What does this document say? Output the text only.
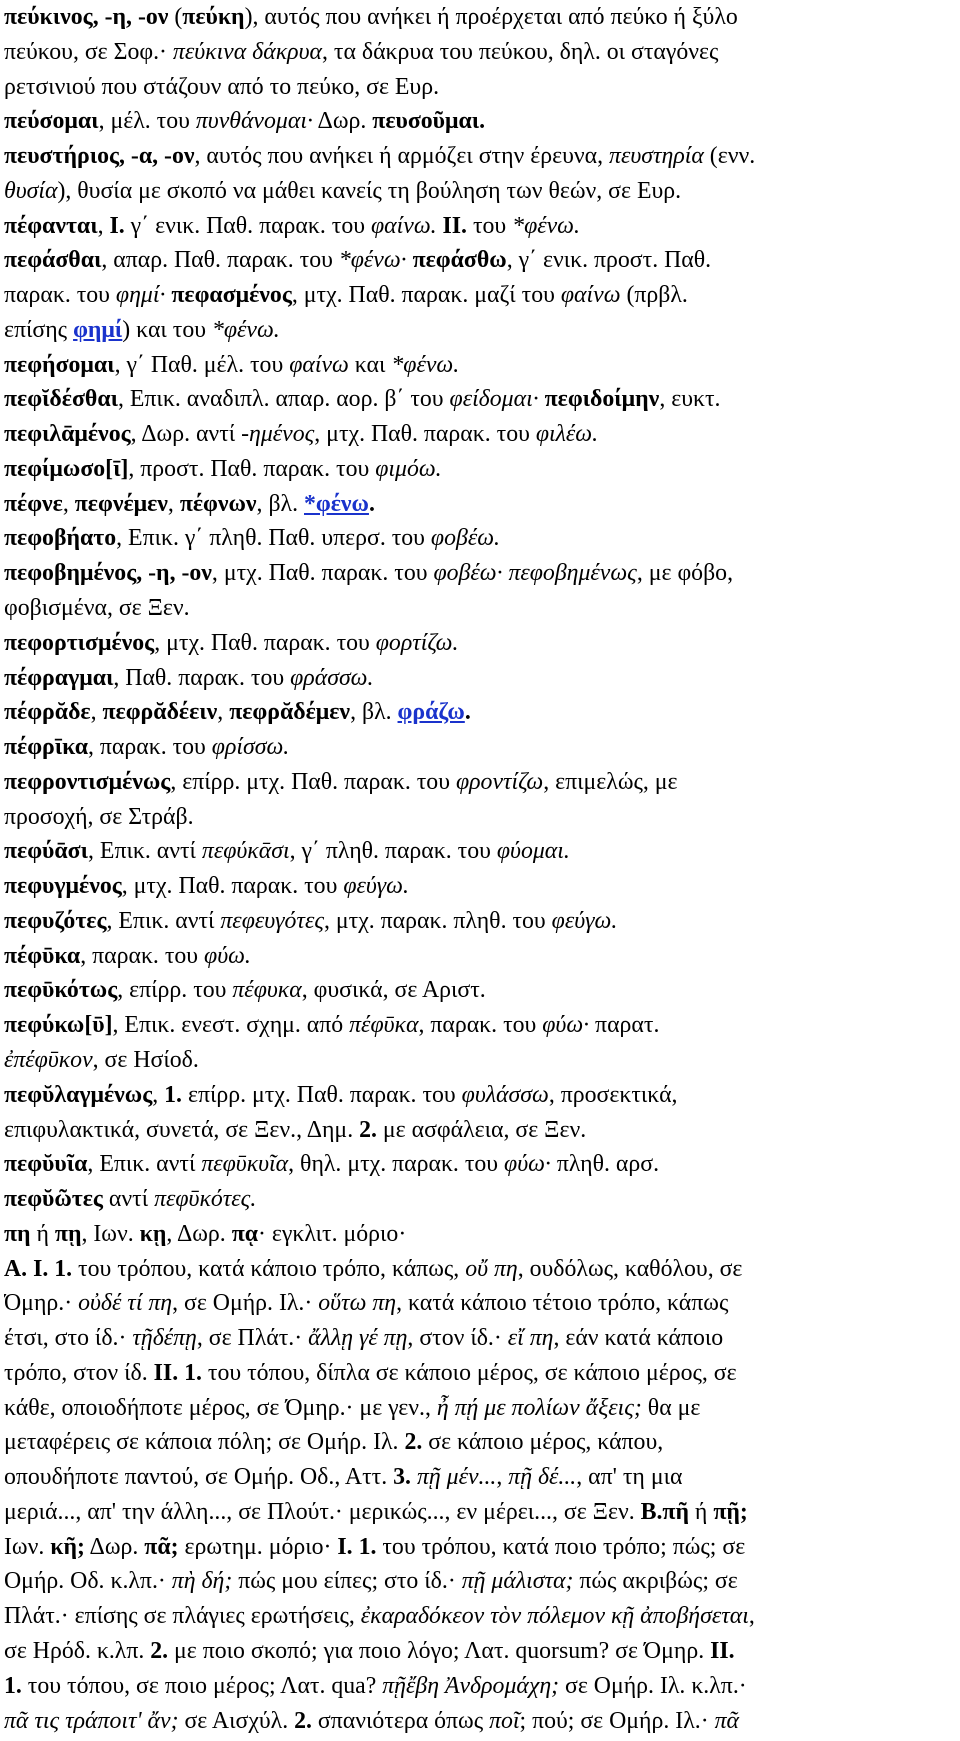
πεύκινος, -η, -ον (πεύκη), αυτός που ανήκει ή προέρχεται από πεύκο ή ξύλο
πεύκου, σε Σοφ.· πεύκινα δάκρυα, τα δάκρυα του πεύκου, δηλ. οι σταγόνες
ρετσινιού που στάζουν από το πεύκο, σε Ευρ.
πεύσομαι, μέλ. του πυνθάνομαι· Δωρ. πευσοῦμαι.
πευστήριος, -α, -ον, αυτός που ανήκει ή αρμόζει στην έρευνα, πευστηρία (ενν.
θυσία), θυσία με σκοπό να μάθει κανείς τη βούληση των θεών, σε Ευρ.
πέφανται, I. γ΄ ενικ. Παθ. παρακ. του φαίνω. II. του *φένω.
πεφάσθαι, απαρ. Παθ. παρακ. του *φένω· πεφάσθω, γ΄ ενικ. προστ. Παθ.
παρακ. του φημί· πεφασμένος, μτχ. Παθ. παρακ. μαζί του φαίνω (πρβλ.
επίσης φημί) και του *φένω.
πεφήσομαι, γ΄ Παθ. μέλ. του φαίνω και *φένω.
πεφῐδέσθαι, Επικ. αναδιπλ. απαρ. αορ. β΄ του φείδομαι· πεφιδοίμην, ευκτ.
πεφιλᾱμένος, Δωρ. αντί -ημένος, μτχ. Παθ. παρακ. του φιλέω.
πεφίμωσο[ῑ], προστ. Παθ. παρακ. του φιμόω.
πέφνε, πεφνέμεν, πέφνων, βλ. *φένω.
πεφοβήατο, Επικ. γ΄ πληθ. Παθ. υπερσ. του φοβέω.
πεφοβημένος, -η, -ον, μτχ. Παθ. παρακ. του φοβέω· πεφοβημένως, με φόβο,
φοβισμένα, σε Ξεν.
πεφορτισμένος, μτχ. Παθ. παρακ. του φορτίζω.
πέφραγμαι, Παθ. παρακ. του φράσσω.
πέφρᾰδε, πεφρᾰδέειν, πεφρᾰδέμεν, βλ. φράζω.
πέφρῑκα, παρακ. του φρίσσω.
πεφροντισμένως, επίρρ. μτχ. Παθ. παρακ. του φροντίζω, επιμελώς, με
προσοχή, σε Στράβ.
πεφύᾱσι, Επικ. αντί πεφύκᾱσι, γ΄ πληθ. παρακ. του φύομαι.
πεφυγμένος, μτχ. Παθ. παρακ. του φεύγω.
πεφυζότες, Επικ. αντί πεφευγότες, μτχ. παρακ. πληθ. του φεύγω.
πέφῡκα, παρακ. του φύω.
πεφῡκότως, επίρρ. του πέφυκα, φυσικά, σε Αριστ.
πεφύκω[ῡ], Επικ. ενεστ. σχημ. από πέφῡκα, παρακ. του φύω· παρατ.
ἐπέφῡκον, σε Ησίοδ.
πεφῠλαγμένως, 1. επίρρ. μτχ. Παθ. παρακ. του φυλάσσω, προσεκτικά,
επιφυλακτικά, συνετά, σε Ξεν., Δημ. 2. με ασφάλεια, σε Ξεν.
πεφῠυῖα, Επικ. αντί πεφῡκυῖα, θηλ. μτχ. παρακ. του φύω· πληθ. αρσ.
πεφῠῶτες αντί πεφῡκότες.
πη ή πῃ, Ιων. κῃ, Δωρ. πᾳ· εγκλιτ. μόριο·
Α. Ι. 1. του τρόπου, κατά κάποιο τρόπο, κάπως, οὔ πη, ουδόλως, καθόλου, σε
Όμηρ.· οὐδέ τί πη, σε Ομήρ. Ιλ.· οὕτω πη, κατά κάποιο τέτοιο τρόπο, κάπως
έτσι, στο ίδ.· τῇδέπῃ, σε Πλάτ.· ἄλλῃ γέ πῃ, στον ίδ.· εἴ πη, εάν κατά κάποιο
τρόπο, στον ίδ. II. 1. του τόπου, δίπλα σε κάποιο μέρος, σε κάποιο μέρος, σε
κάθε, οποιοδήποτε μέρος, σε Όμηρ.· με γεν., ἦ πῄ με πολίων ἄξεις; θα με
μεταφέρεις σε κάποια πόλη; σε Ομήρ. Ιλ. 2. σε κάποιο μέρος, κάπου,
οπουδήποτε παντού, σε Ομήρ. Οδ., Αττ. 3. πῇ μέν..., πῇ δέ..., απ' τη μια
μεριά..., απ' την άλλη..., σε Πλούτ.· μερικώς..., εν μέρει..., σε Ξεν. Β.πῆ ή πῇ;
Ιων. κῆ; Δωρ. πᾶ; ερωτημ. μόριο· I. 1. του τρόπου, κατά ποιο τρόπο; πώς; σε
Ομήρ. Οδ. κ.λπ.· πὴ δή; πώς μου είπες; στο ίδ.· πῇ μάλιστα; πώς ακριβώς; σε
Πλάτ.· επίσης σε πλάγιες ερωτήσεις, ἐκαραδόκεον τὸν πόλεμον κῇ ἀποβήσεται,
σε Ηρόδ. κ.λπ. 2. με ποιο σκοπό; για ποιο λόγο; Λατ. quorsum? σε Όμηρ. II.
1. του τόπου, σε ποιο μέρος; Λατ. qua? πῇἔβη Ἀνδρομάχη; σε Ομήρ. Ιλ. κ.λπ.·
πᾶ τις τράποιτ' ἄν; σε Αισχύλ. 2. σπανιότερα όπως ποῖ; πού; σε Ομήρ. Ιλ.· πᾶ
